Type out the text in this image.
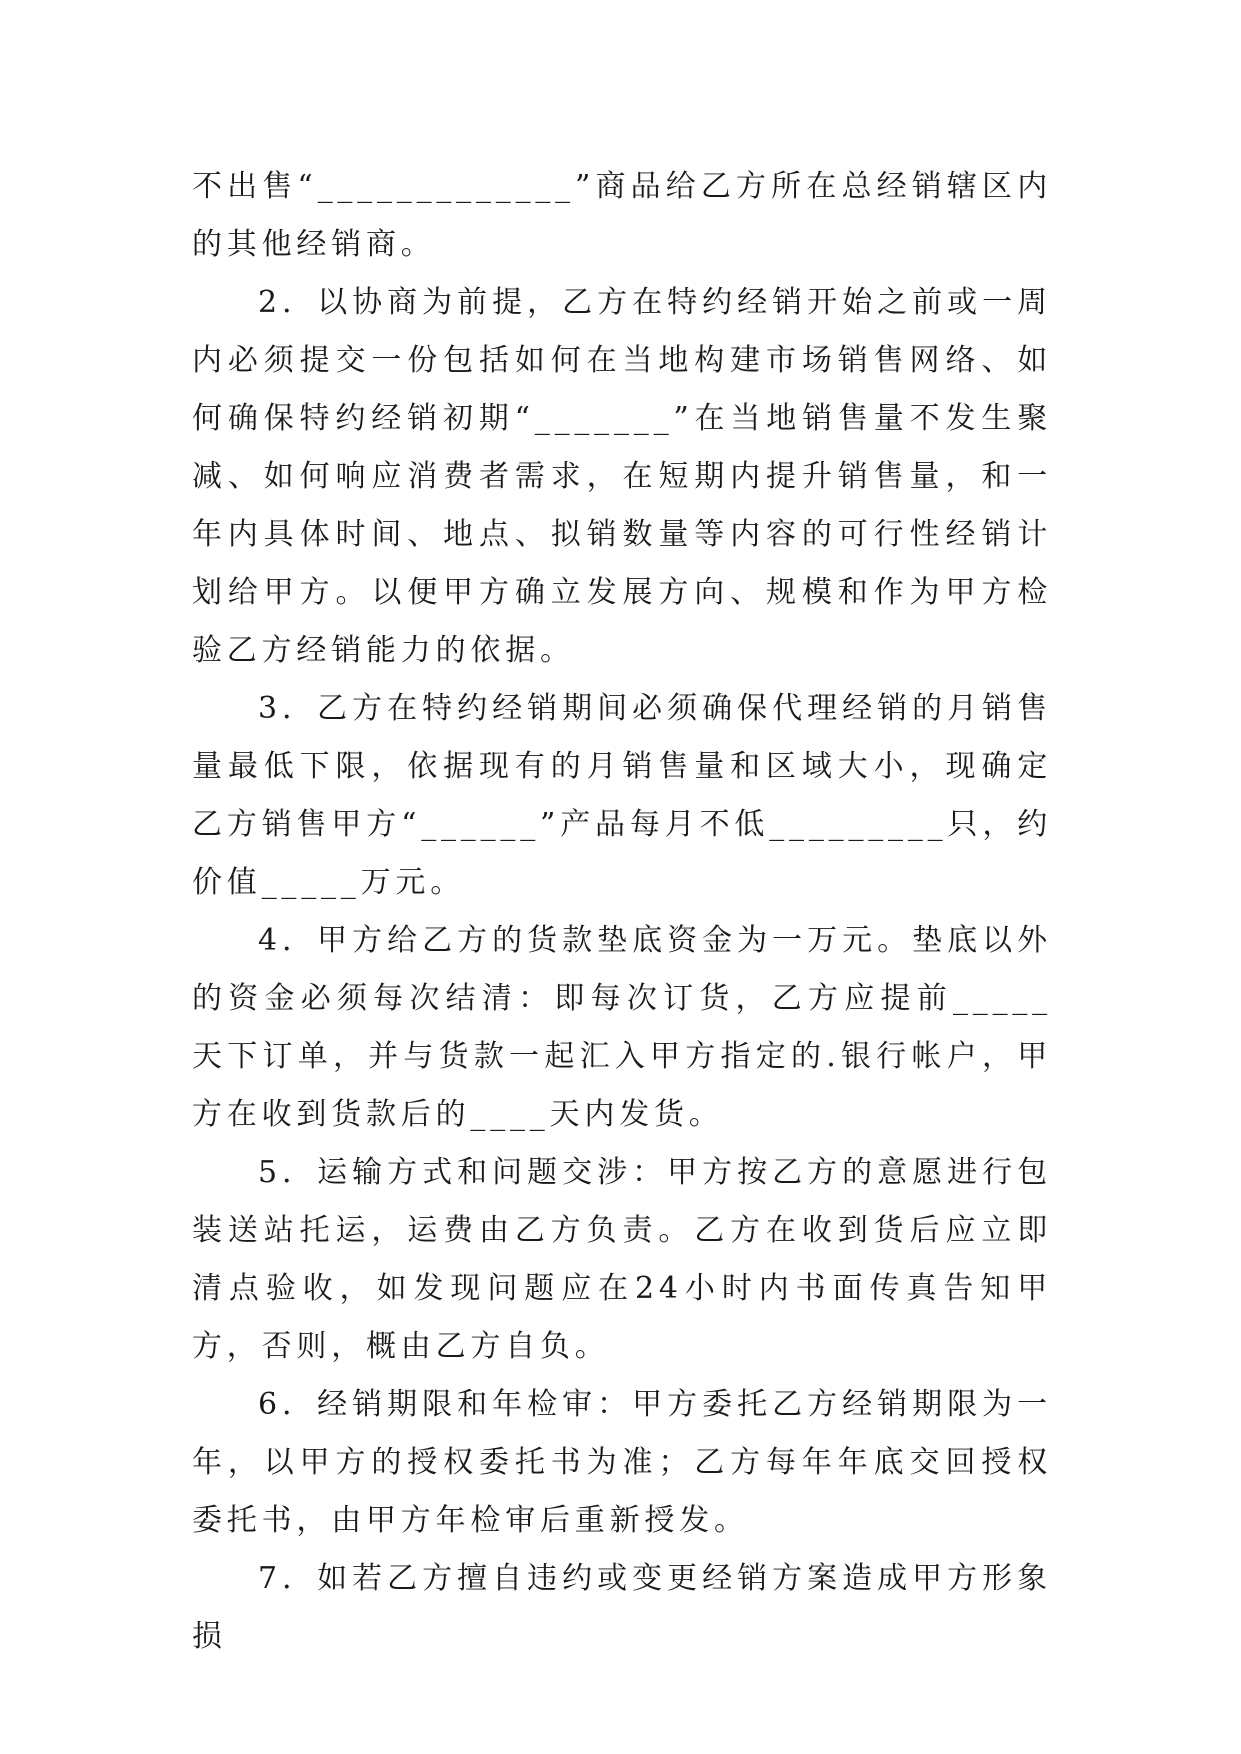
不出售“_____________”商品给乙方所在总经销辖区内的其他经销商。

2．以协商为前提，乙方在特约经销开始之前或一周内必须提交一份包括如何在当地构建市场销售网络、如何确保特约经销初期“_______”在当地销售量不发生聚减、如何响应消费者需求，在短期内提升销售量，和一年内具体时间、地点、拟销数量等内容的可行性经销计划给甲方。以便甲方确立发展方向、规模和作为甲方检验乙方经销能力的依据。

3．乙方在特约经销期间必须确保代理经销的月销售量最低下限，依据现有的月销售量和区域大小，现确定乙方销售甲方“______”产品每月不低_________只，约价值_____万元。

4．甲方给乙方的货款垫底资金为一万元。垫底以外的资金必须每次结清：即每次订货，乙方应提前_____天下订单，并与货款一起汇入甲方指定的.银行帐户，甲方在收到货款后的____天内发货。

5．运输方式和问题交涉：甲方按乙方的意愿进行包装送站托运，运费由乙方负责。乙方在收到货后应立即清点验收，如发现问题应在24小时内书面传真告知甲方，否则，概由乙方自负。

6．经销期限和年检审：甲方委托乙方经销期限为一年，以甲方的授权委托书为准；乙方每年年底交回授权委托书，由甲方年检审后重新授发。

7．如若乙方擅自违约或变更经销方案造成甲方形象损
